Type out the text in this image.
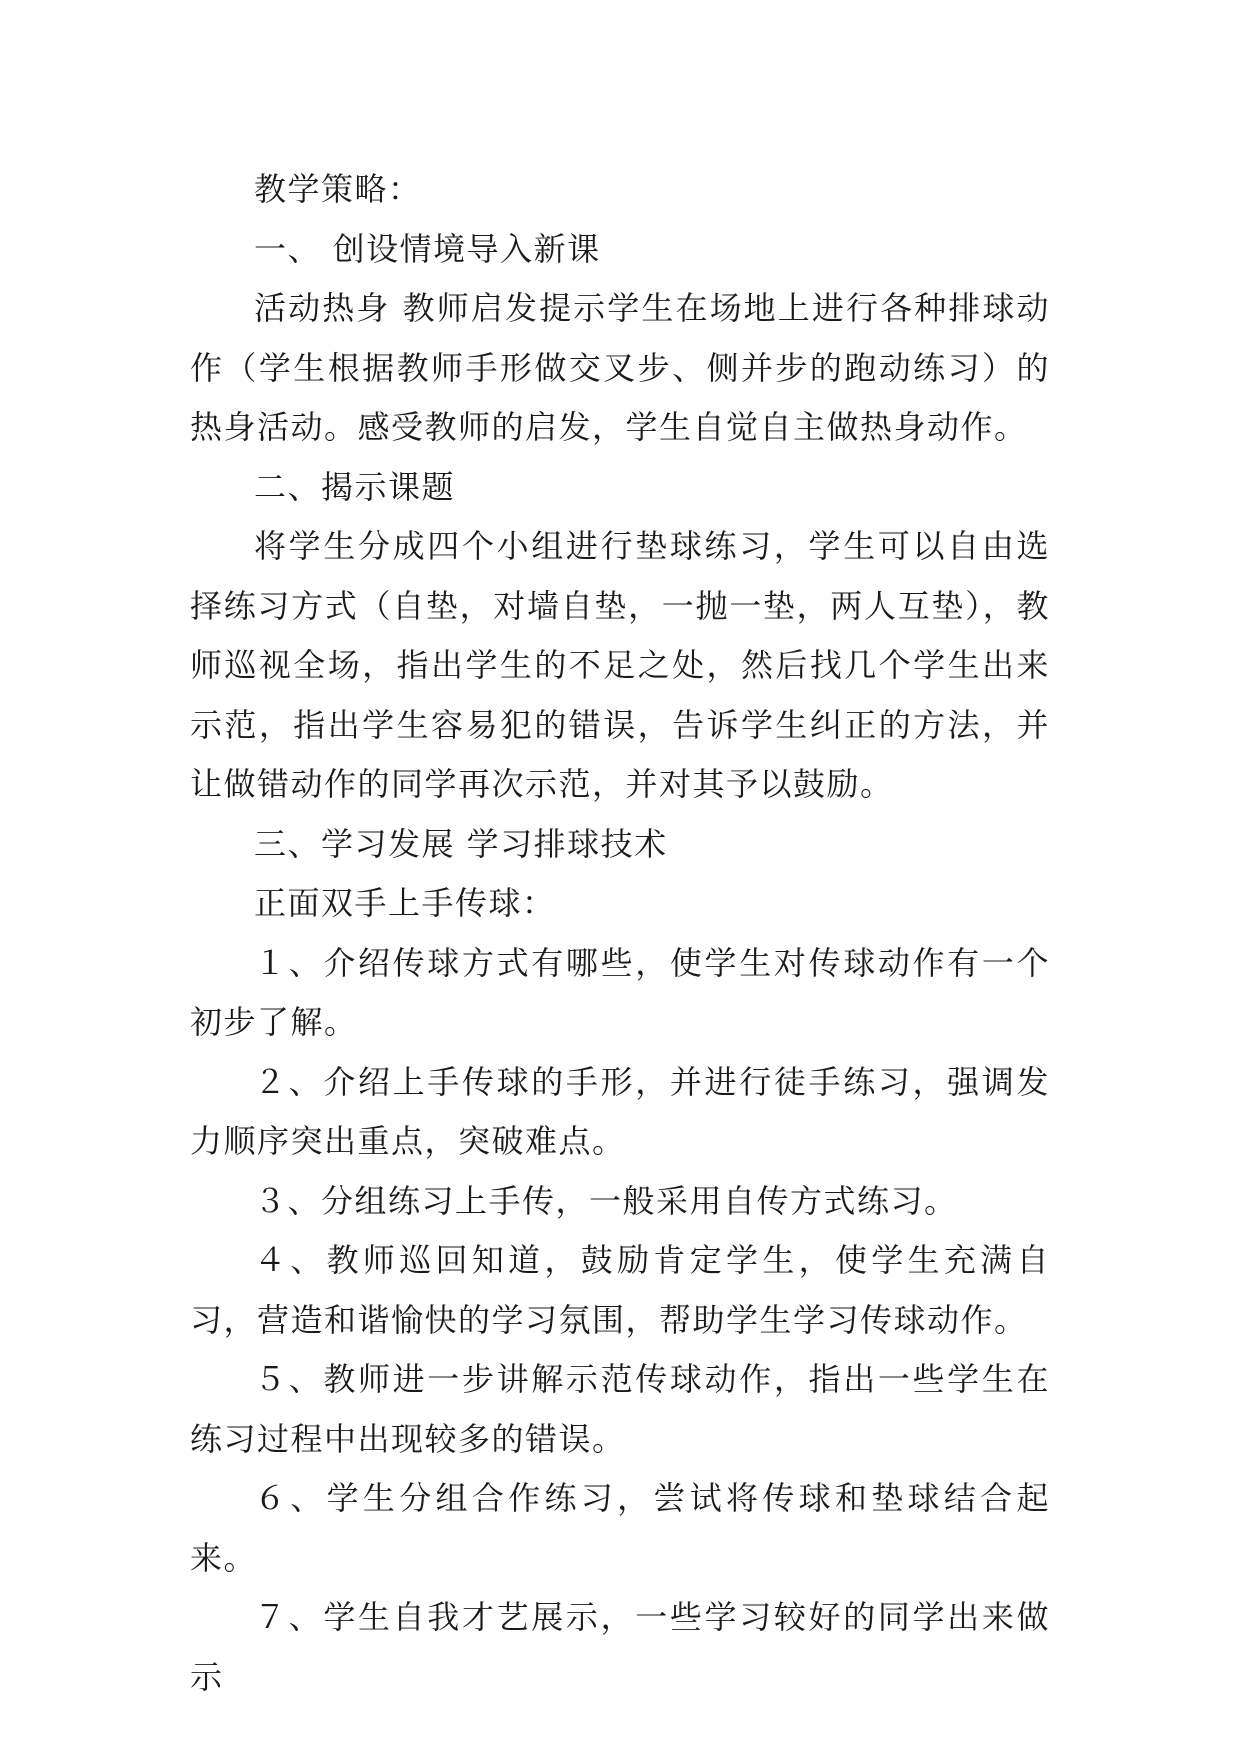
教学策略：

一、 创设情境导入新课

活动热身 教师启发提示学生在场地上进行各种排球动作（学生根据教师手形做交叉步、侧并步的跑动练习）的热身活动。感受教师的启发，学生自觉自主做热身动作。

二、揭示课题

将学生分成四个小组进行垫球练习，学生可以自由选择练习方式（自垫，对墙自垫，一抛一垫，两人互垫），教师巡视全场，指出学生的不足之处，然后找几个学生出来示范，指出学生容易犯的错误，告诉学生纠正的方法，并让做错动作的同学再次示范，并对其予以鼓励。

三、学习发展 学习排球技术

正面双手上手传球：

１、介绍传球方式有哪些，使学生对传球动作有一个初步了解。

２、介绍上手传球的手形，并进行徒手练习，强调发力顺序突出重点，突破难点。

３、分组练习上手传，一般采用自传方式练习。

４、教师巡回知道，鼓励肯定学生，使学生充满自习，营造和谐愉快的学习氛围，帮助学生学习传球动作。

５、教师进一步讲解示范传球动作，指出一些学生在练习过程中出现较多的错误。

６、学生分组合作练习，尝试将传球和垫球结合起来。

７、学生自我才艺展示，一些学习较好的同学出来做示
